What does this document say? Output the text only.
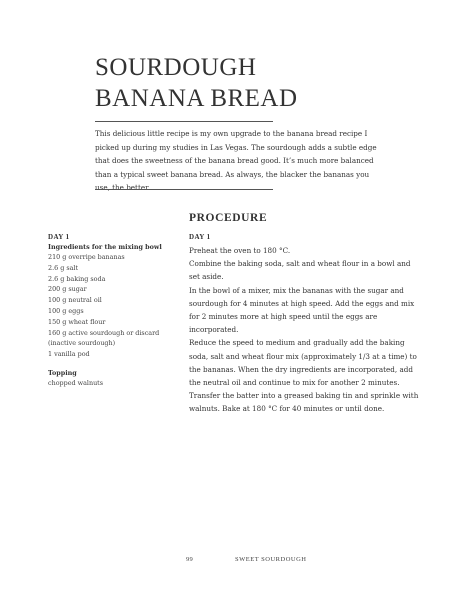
SOURDOUGH
BANANA BREAD

This delicious little recipe is my own upgrade to the banana bread recipe I picked up during my studies in Las Vegas. The sourdough adds a subtle edge that does the sweetness of the banana bread good. It’s much more balanced than a typical sweet banana bread. As always, the blacker the bananas you use, the better.

DAY 1
Ingredients for the mixing bowl
210 g overripe bananas
2.6 g salt
2.6 g baking soda
200 g sugar
100 g neutral oil
100 g eggs
150 g wheat flour
160 g active sourdough or discard
(inactive sourdough)
1 vanilla pod
Topping
chopped walnuts
PROCEDURE
DAY 1
Preheat the oven to 180 °C.
Combine the baking soda, salt and wheat flour in a bowl and set aside.
In the bowl of a mixer, mix the bananas with the sugar and sourdough for 4 minutes at high speed. Add the eggs and mix for 2 minutes more at high speed until the eggs are incorporated.
Reduce the speed to medium and gradually add the baking soda, salt and wheat flour mix (approximately 1/3 at a time) to the bananas. When the dry ingredients are incorporated, add the neutral oil and continue to mix for another 2 minutes.
Transfer the batter into a greased baking tin and sprinkle with walnuts. Bake at 180 °C for 40 minutes or until done.
99	SWEET SOURDOUGH
